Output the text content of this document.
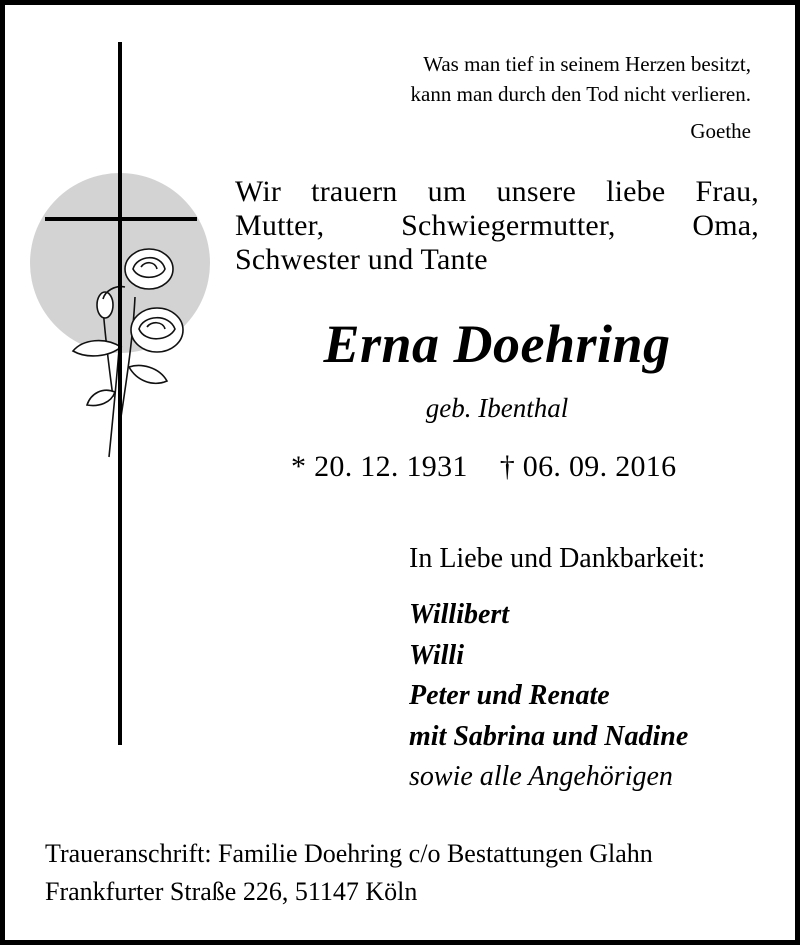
Was man tief in seinem Herzen besitzt,
kann man durch den Tod nicht verlieren.
Goethe
Wir trauern um unsere liebe Frau,
Mutter, Schwiegermutter, Oma,
Schwester und Tante
Erna Doehring
geb. Ibenthal
* 20. 12. 1931 † 06. 09. 2016
In Liebe und Dankbarkeit:
Willibert
Willi
Peter und Renate
mit Sabrina und Nadine
sowie alle Angehörigen
Traueranschrift: Familie Doehring c/o Bestattungen Glahn
Frankfurter Straße 226, 51147 Köln
